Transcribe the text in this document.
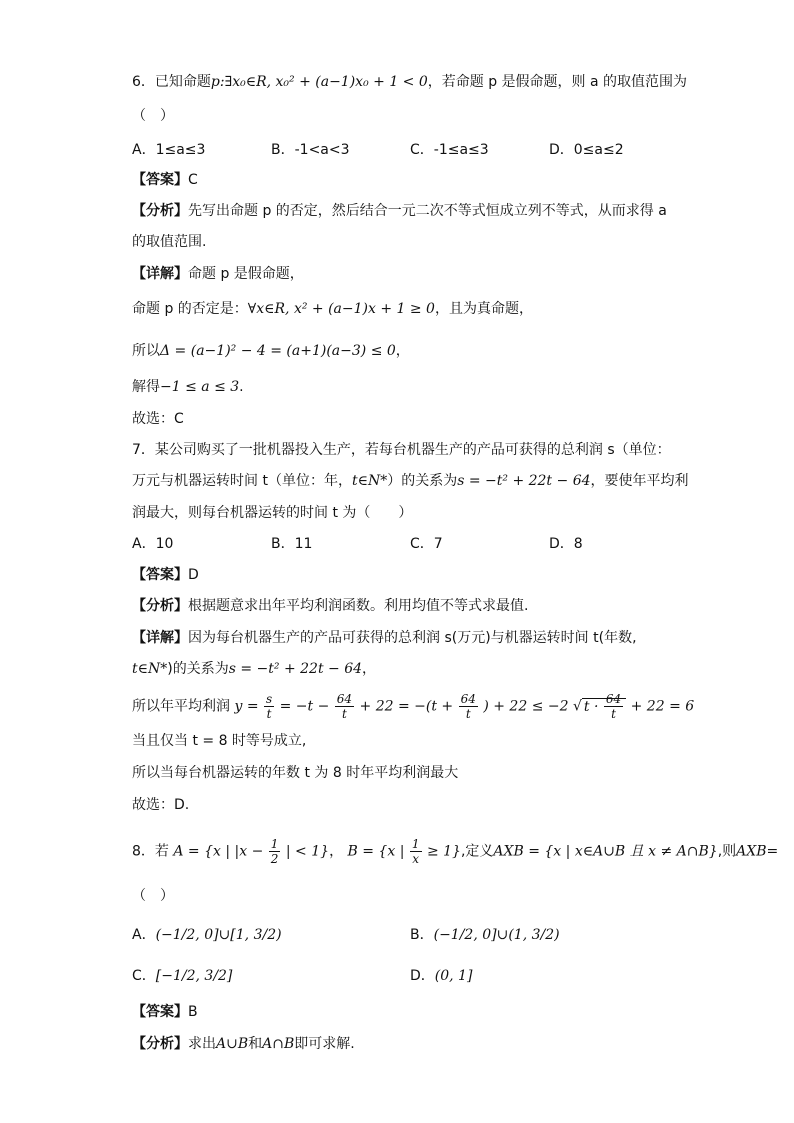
6．已知命题p:∃x₀∈R, x₀² + (a−1)x₀ + 1 < 0，若命题 p 是假命题，则 a 的取值范围为
（　）
A．1≤a≤3	B．-1<a<3	C．-1≤a≤3	D．0≤a≤2
【答案】C
【分析】先写出命题 p 的否定，然后结合一元二次不等式恒成立列不等式，从而求得 a
的取值范围.
【详解】命题 p 是假命题，
命题 p 的否定是：∀x∈R, x² + (a−1)x + 1 ≥ 0，且为真命题，
所以Δ = (a−1)² − 4 = (a+1)(a−3) ≤ 0，
解得−1 ≤ a ≤ 3.
故选：C
7．某公司购买了一批机器投入生产，若每台机器生产的产品可获得的总利润 s（单位：
万元与机器运转时间 t（单位：年，t∈N*）的关系为s = −t² + 22t − 64，要使年平均利
润最大，则每台机器运转的时间 t 为（　　）
A．10	B．11	C．7	D．8
【答案】D
【分析】根据题意求出年平均利润函数。利用均值不等式求最值.
【详解】因为每台机器生产的产品可获得的总利润 s(万元)与机器运转时间 t(年数,
t∈N*)的关系为s = −t² + 22t − 64，
所以年平均利润 $y = \frac{s}{t} = -t - \frac{64}{t} + 22 = -(t + \frac{64}{t}$ ) + 22 ≤ −2 √ $t \cdot \frac{64}{t} + 22 = 6$
当且仅当 t = 8 时等号成立,
所以当每台机器运转的年数 t 为 8 时年平均利润最大
故选：D.
8．若 A = {x | $|x - \frac{1}{2}$ | < 1}， B = {x | $\frac{1}{x} \ge 1$},定义AXB = {x | x∈A∪B 且 x ≠ A∩B},则AXB=
（　）
A．(−1/2, 0]∪[1, 3/2)	B．(−1/2, 0]∪(1, 3/2)
C．[−1/2, 3/2]	D．(0, 1]
【答案】B
【分析】求出A∪B和A∩B即可求解.
